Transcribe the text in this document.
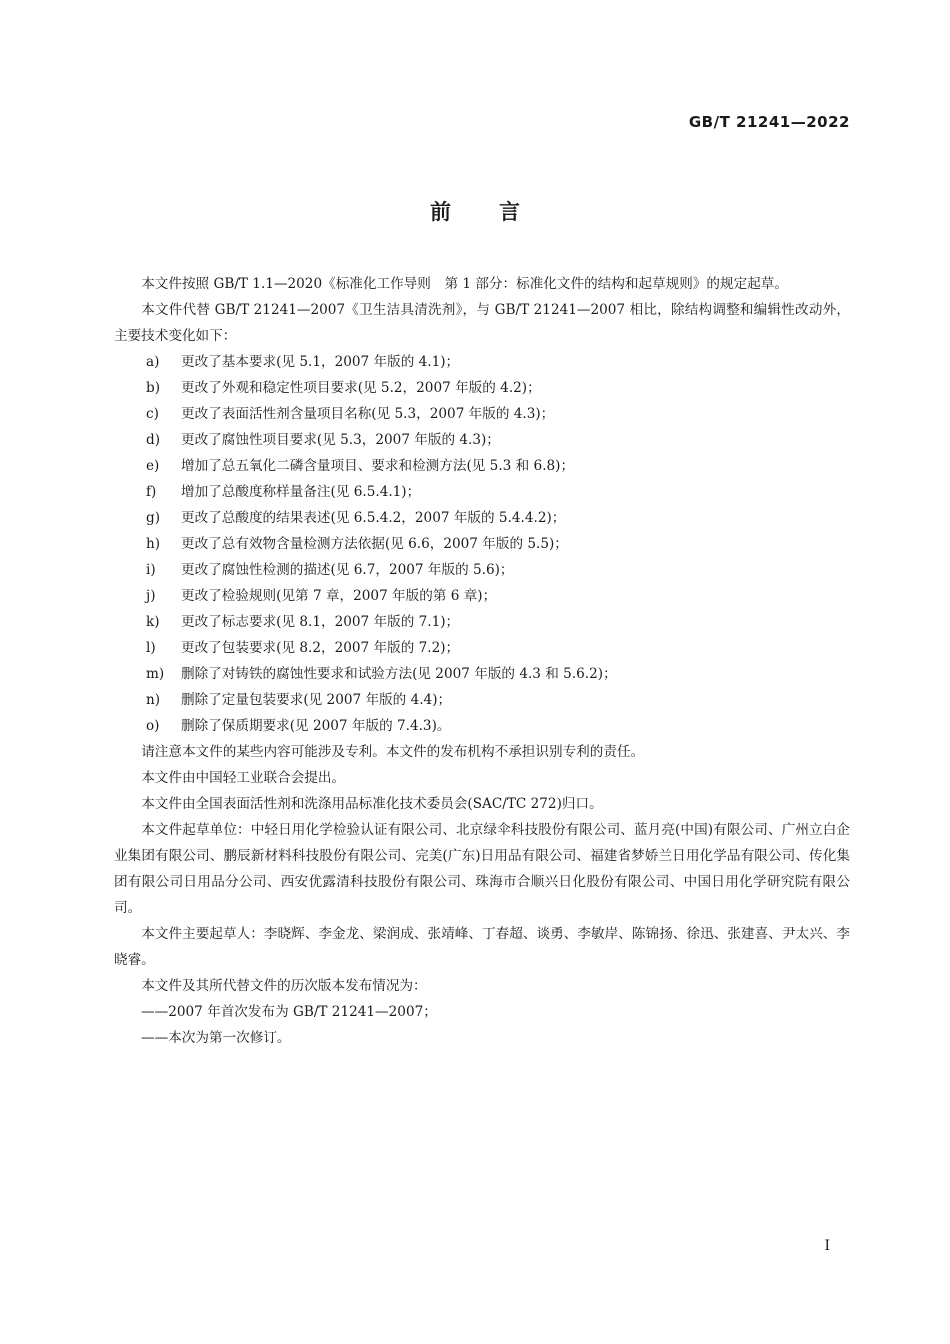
GB/T 21241—2022
前言

本文件按照 GB/T 1.1—2020《标准化工作导则　第 1 部分：标准化文件的结构和起草规则》的规定起草。

本文件代替 GB/T 21241—2007《卫生洁具清洗剂》，与 GB/T 21241—2007 相比，除结构调整和编辑性改动外，主要技术变化如下：

a) 更改了基本要求(见 5.1，2007 年版的 4.1)；
b) 更改了外观和稳定性项目要求(见 5.2，2007 年版的 4.2)；
c) 更改了表面活性剂含量项目名称(见 5.3，2007 年版的 4.3)；
d) 更改了腐蚀性项目要求(见 5.3，2007 年版的 4.3)；
e) 增加了总五氧化二磷含量项目、要求和检测方法(见 5.3 和 6.8)；
f) 增加了总酸度称样量备注(见 6.5.4.1)；
g) 更改了总酸度的结果表述(见 6.5.4.2，2007 年版的 5.4.4.2)；
h) 更改了总有效物含量检测方法依据(见 6.6，2007 年版的 5.5)；
i) 更改了腐蚀性检测的描述(见 6.7，2007 年版的 5.6)；
j) 更改了检验规则(见第 7 章，2007 年版的第 6 章)；
k) 更改了标志要求(见 8.1，2007 年版的 7.1)；
l) 更改了包装要求(见 8.2，2007 年版的 7.2)；
m) 删除了对铸铁的腐蚀性要求和试验方法(见 2007 年版的 4.3 和 5.6.2)；
n) 删除了定量包装要求(见 2007 年版的 4.4)；
o) 删除了保质期要求(见 2007 年版的 7.4.3)。

请注意本文件的某些内容可能涉及专利。本文件的发布机构不承担识别专利的责任。

本文件由中国轻工业联合会提出。

本文件由全国表面活性剂和洗涤用品标准化技术委员会(SAC/TC 272)归口。

本文件起草单位：中轻日用化学检验认证有限公司、北京绿伞科技股份有限公司、蓝月亮(中国)有限公司、广州立白企业集团有限公司、鹏辰新材料科技股份有限公司、完美(广东)日用品有限公司、福建省梦娇兰日用化学品有限公司、传化集团有限公司日用品分公司、西安优露清科技股份有限公司、珠海市合顺兴日化股份有限公司、中国日用化学研究院有限公司。

本文件主要起草人：李晓辉、李金龙、梁润成、张靖峰、丁春超、谈勇、李敏岸、陈锦扬、徐迅、张建喜、尹太兴、李晓睿。

本文件及其所代替文件的历次版本发布情况为：

——2007 年首次发布为 GB/T 21241—2007；
——本次为第一次修订。
I
